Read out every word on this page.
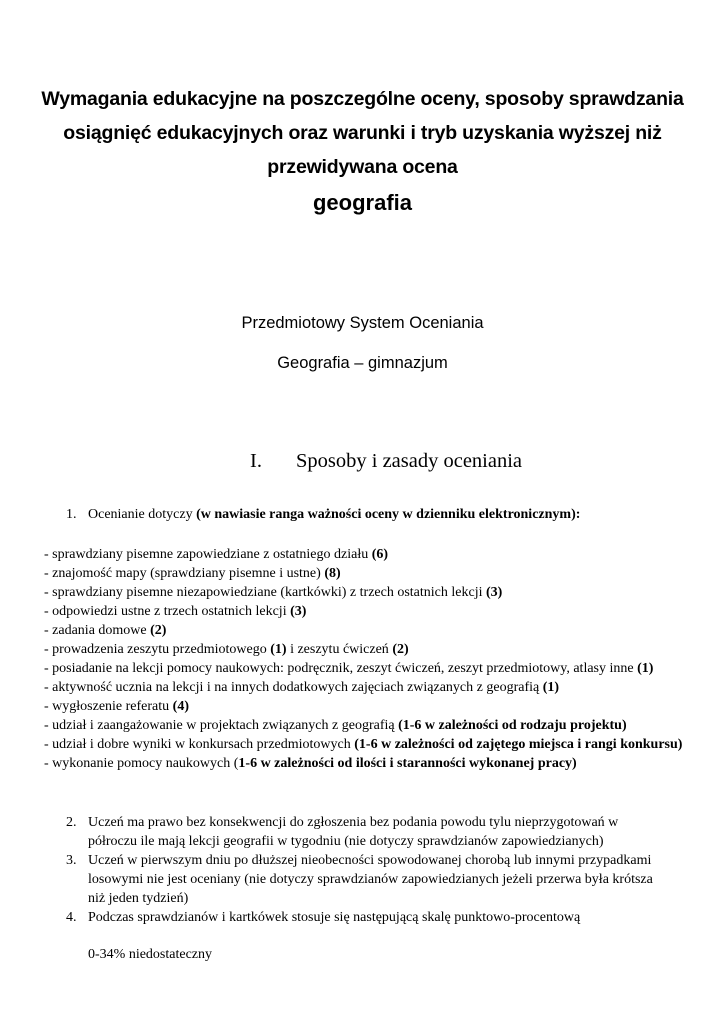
Wymagania edukacyjne na poszczególne oceny, sposoby sprawdzania
osiągnięć edukacyjnych oraz warunki i tryb uzyskania wyższej niż
przewidywana ocena
geografia
Przedmiotowy System Oceniania
Geografia – gimnazjum
I. Sposoby i zasady oceniania
1. Ocenianie dotyczy (w nawiasie ranga ważności oceny w dzienniku elektronicznym):
- sprawdziany pisemne zapowiedziane z ostatniego działu (6)
- znajomość mapy (sprawdziany pisemne i ustne) (8)
- sprawdziany pisemne niezapowiedziane (kartkówki) z trzech ostatnich lekcji (3)
- odpowiedzi ustne z trzech ostatnich lekcji (3)
- zadania domowe (2)
- prowadzenia zeszytu przedmiotowego (1) i zeszytu ćwiczeń (2)
- posiadanie na lekcji pomocy naukowych: podręcznik, zeszyt ćwiczeń, zeszyt przedmiotowy, atlasy inne (1)
- aktywność ucznia na lekcji i na innych dodatkowych zajęciach związanych z geografią (1)
- wygłoszenie referatu (4)
- udział i zaangażowanie w projektach związanych z geografią (1-6 w zależności od rodzaju projektu)
- udział i dobre wyniki w konkursach przedmiotowych (1-6 w zależności od zajętego miejsca i rangi konkursu)
- wykonanie pomocy naukowych (1-6 w zależności od ilości i staranności wykonanej pracy)
2. Uczeń ma prawo bez konsekwencji do zgłoszenia bez podania powodu tylu nieprzygotowań w półroczu ile mają lekcji geografii w tygodniu (nie dotyczy sprawdzianów zapowiedzianych)
3. Uczeń w pierwszym dniu po dłuższej nieobecności spowodowanej chorobą lub innymi przypadkami losowymi nie jest oceniany (nie dotyczy sprawdzianów zapowiedzianych jeżeli przerwa była krótsza niż jeden tydzień)
4. Podczas sprawdzianów i kartkówek stosuje się następującą skalę punktowo-procentową
0-34% niedostateczny
